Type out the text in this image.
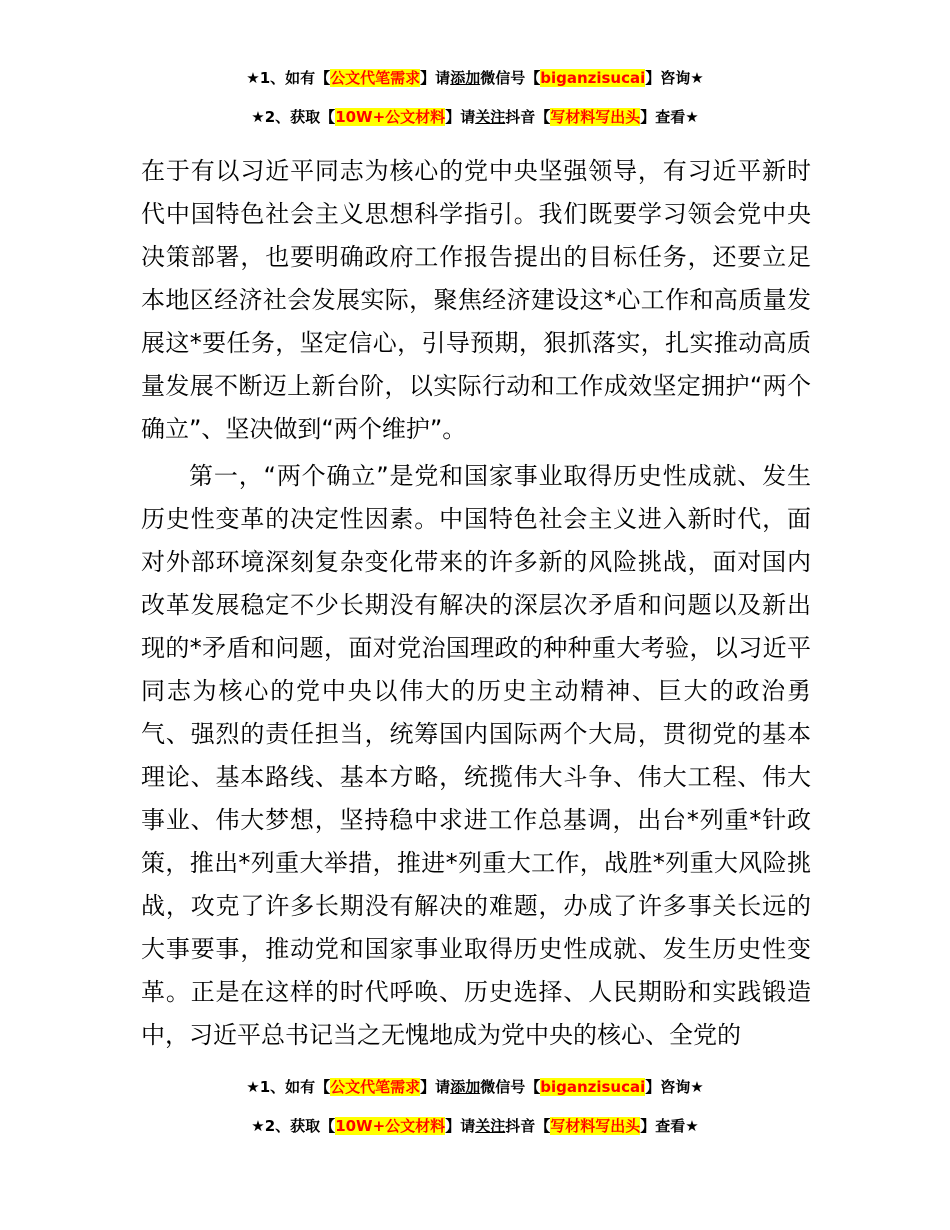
★1、如有【公文代笔需求】请添加微信号【biganzisucai】咨询★
★2、获取【10W+公文材料】请关注抖音【写材料写出头】查看★

在于有以习近平同志为核心的党中央坚强领导，有习近平新时代中国特色社会主义思想科学指引。我们既要学习领会党中央决策部署，也要明确政府工作报告提出的目标任务，还要立足本地区经济社会发展实际，聚焦经济建设这*心工作和高质量发展这*要任务，坚定信心，引导预期，狠抓落实，扎实推动高质量发展不断迈上新台阶，以实际行动和工作成效坚定拥护“两个确立”、坚决做到“两个维护”。

第一，“两个确立”是党和国家事业取得历史性成就、发生历史性变革的决定性因素。中国特色社会主义进入新时代，面对外部环境深刻复杂变化带来的许多新的风险挑战，面对国内改革发展稳定不少长期没有解决的深层次矛盾和问题以及新出现的*矛盾和问题，面对党治国理政的种种重大考验，以习近平同志为核心的党中央以伟大的历史主动精神、巨大的政治勇气、强烈的责任担当，统筹国内国际两个大局，贯彻党的基本理论、基本路线、基本方略，统揽伟大斗争、伟大工程、伟大事业、伟大梦想，坚持稳中求进工作总基调，出台*列重*针政策，推出*列重大举措，推进*列重大工作，战胜*列重大风险挑战，攻克了许多长期没有解决的难题，办成了许多事关长远的大事要事，推动党和国家事业取得历史性成就、发生历史性变革。正是在这样的时代呼唤、历史选择、人民期盼和实践锻造中，习近平总书记当之无愧地成为党中央的核心、全党的

★1、如有【公文代笔需求】请添加微信号【biganzisucai】咨询★
★2、获取【10W+公文材料】请关注抖音【写材料写出头】查看★
